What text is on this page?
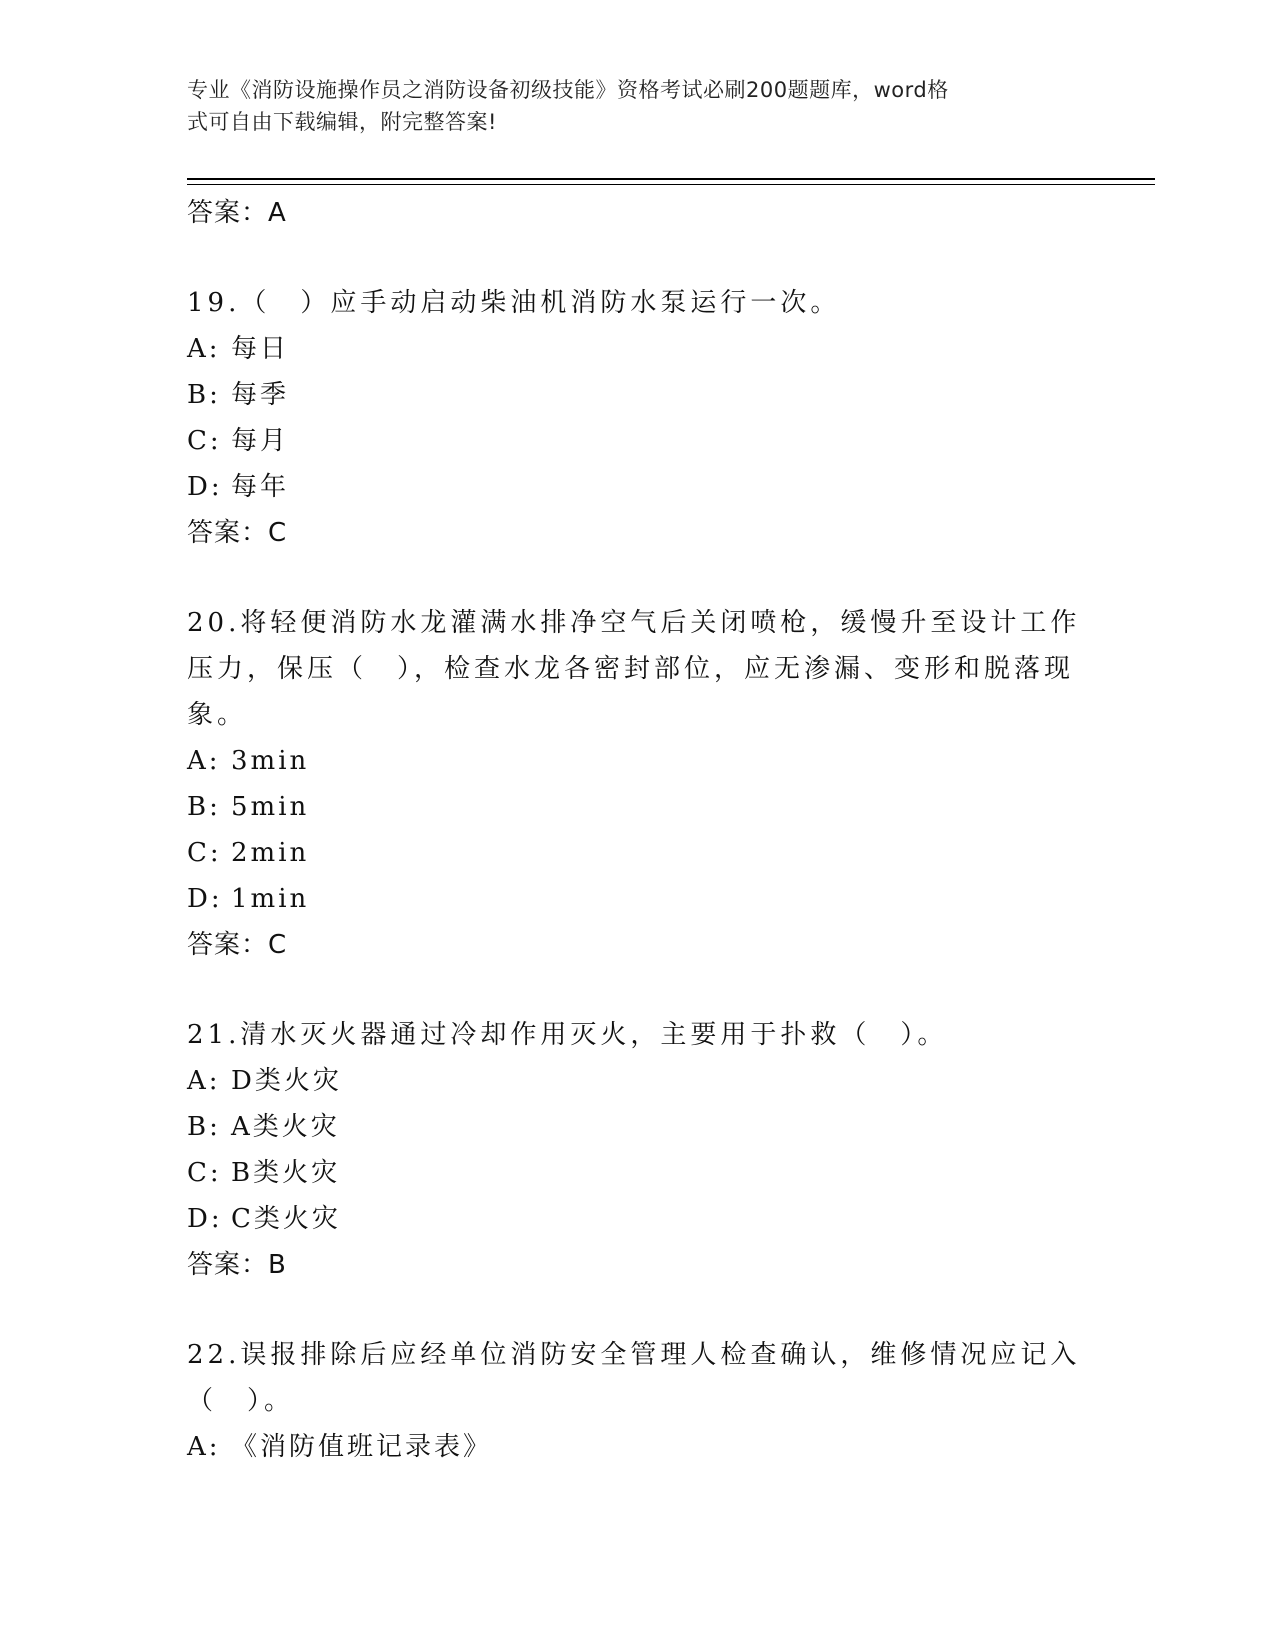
专业《消防设施操作员之消防设备初级技能》资格考试必刷200题题库，word格
式可自由下载编辑，附完整答案!
答案：A
19.（　）应手动启动柴油机消防水泵运行一次。
A: 每日
B: 每季
C: 每月
D: 每年
答案：C
20.将轻便消防水龙灌满水排净空气后关闭喷枪，缓慢升至设计工作压力，保压（　），检查水龙各密封部位，应无渗漏、变形和脱落现象。
A: 3min
B: 5min
C: 2min
D: 1min
答案：C
21.清水灭火器通过冷却作用灭火，主要用于扑救（　）。
A: D类火灾
B: A类火灾
C: B类火灾
D: C类火灾
答案：B
22.误报排除后应经单位消防安全管理人检查确认，维修情况应记入（　）。
A: 《消防值班记录表》
